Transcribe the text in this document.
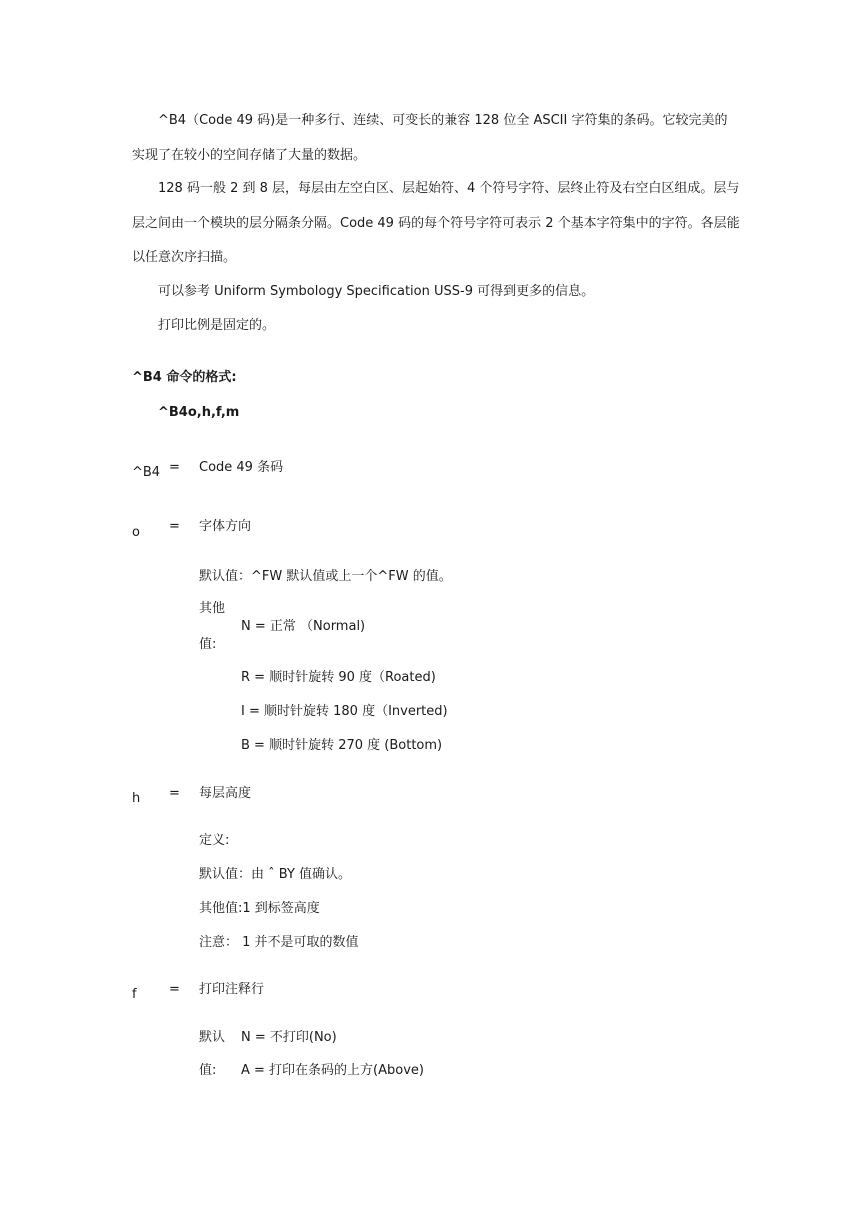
^B4（Code 49 码)是一种多行、连续、可变长的兼容 128 位全 ASCII 字符集的条码。它较完美的
实现了在较小的空间存储了大量的数据。
128 码一般 2 到 8 层，每层由左空白区、层起始符、4 个符号字符、层终止符及右空白区组成。层与
层之间由一个模块的层分隔条分隔。Code 49 码的每个符号字符可表示 2 个基本字符集中的字符。各层能
以任意次序扫描。
可以参考 Uniform Symbology Specification USS-9 可得到更多的信息。
打印比例是固定的。
^B4 命令的格式:
^B4o,h,f,m
^B4 = Code 49 条码
o = 字体方向
默认值：^FW 默认值或上一个^FW 的值。
其他
值:
N = 正常 （Normal)
R = 顺时针旋转 90 度（Roated)
I = 顺时针旋转 180 度（Inverted)
B = 顺时针旋转 270 度 (Bottom)
h = 每层高度
定义:
默认值：由 ˆ BY 值确认。
其他值:1 到标签高度
注意： 1 并不是可取的数值
f = 打印注释行
默认
值:
N = 不打印(No)
A = 打印在条码的上方(Above)
